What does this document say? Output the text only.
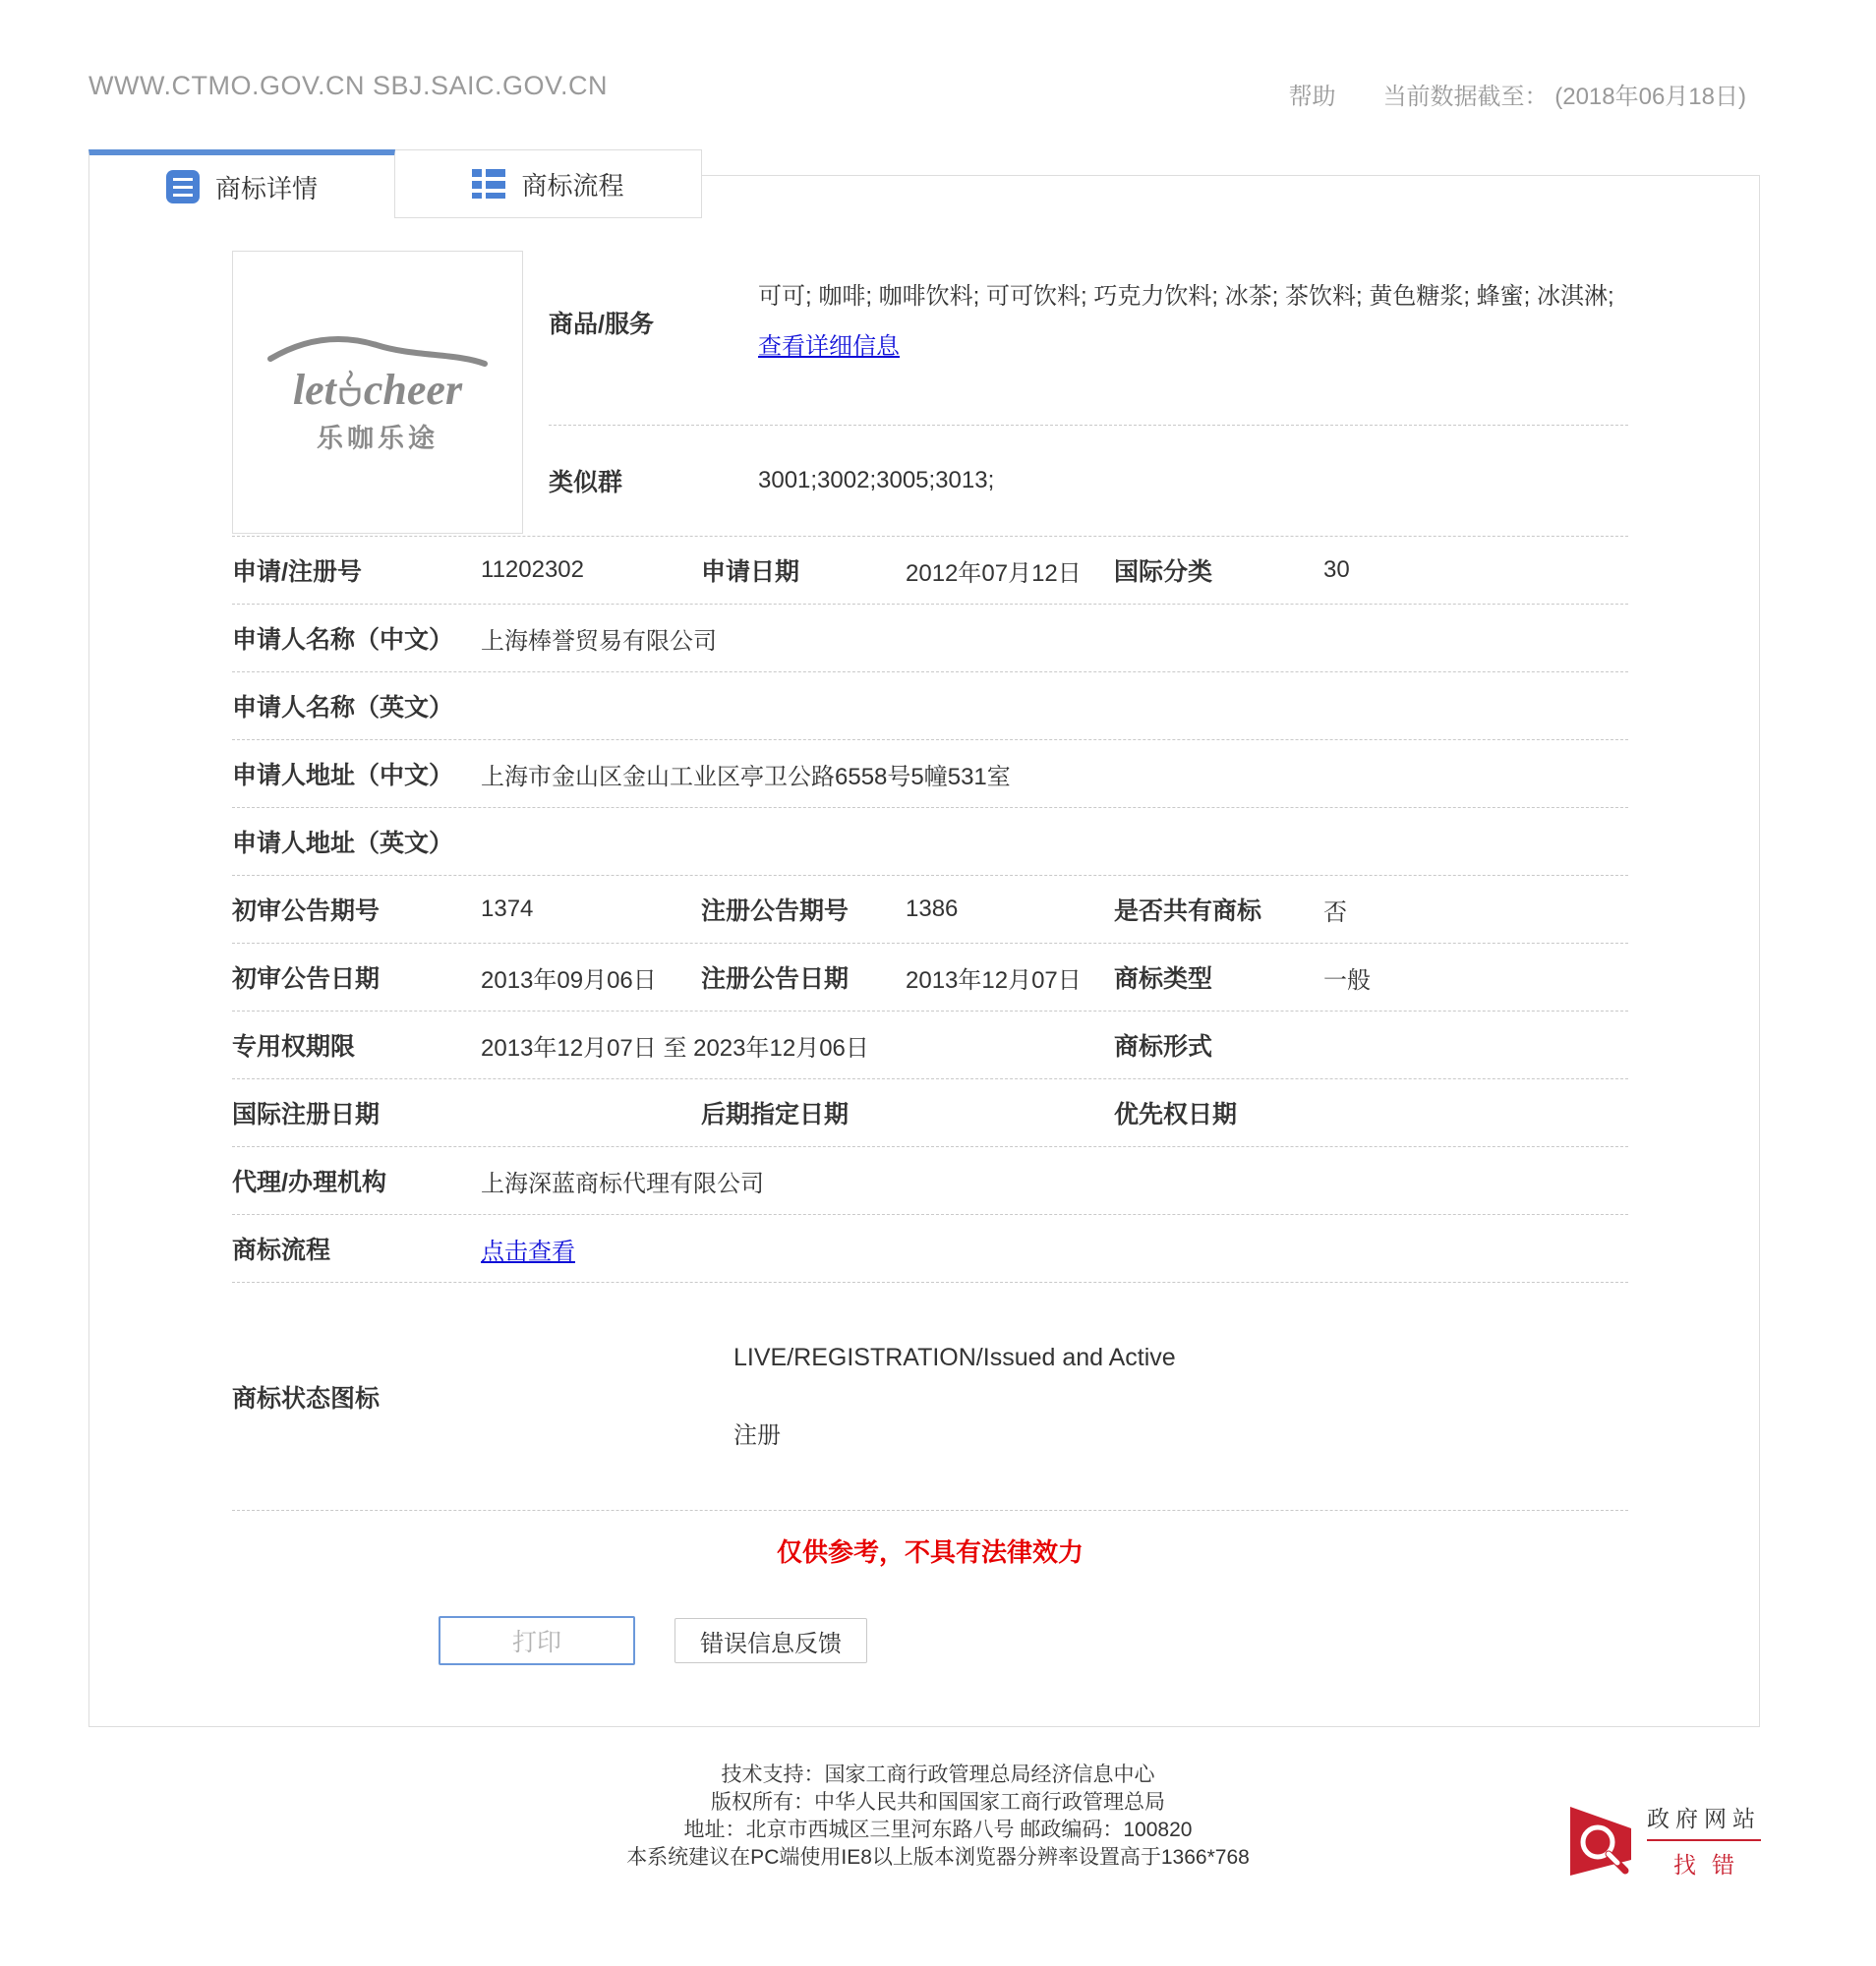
WWW.CTMO.GOV.CN SBJ.SAIC.GOV.CN	帮助 当前数据截至： (2018年06月18日)
商标详情	商标流程
let cheer
乐咖乐途
商品/服务
可可; 咖啡; 咖啡饮料; 可可饮料; 巧克力饮料; 冰茶; 茶饮料; 黄色糖浆; 蜂蜜; 冰淇淋; 查看详细信息
类似群	3001;3002;3005;3013;
申请/注册号	11202302	申请日期	2012年07月12日	国际分类	30
申请人名称（中文）	上海棒誉贸易有限公司
申请人名称（英文）
申请人地址（中文）	上海市金山区金山工业区亭卫公路6558号5幢531室
申请人地址（英文）
初审公告期号	1374	注册公告期号	1386	是否共有商标	否
初审公告日期	2013年09月06日	注册公告日期	2013年12月07日	商标类型	一般
专用权期限	2013年12月07日 至 2023年12月06日	商标形式
国际注册日期	后期指定日期	优先权日期
代理/办理机构	上海深蓝商标代理有限公司
商标流程	点击查看
商标状态图标
LIVE/REGISTRATION/Issued and Active
注册
仅供参考，不具有法律效力
打印	错误信息反馈
技术支持：国家工商行政管理总局经济信息中心
版权所有：中华人民共和国国家工商行政管理总局
地址：北京市西城区三里河东路八号 邮政编码：100820
本系统建议在PC端使用IE8以上版本浏览器分辨率设置高于1366*768
政府网站
找错
